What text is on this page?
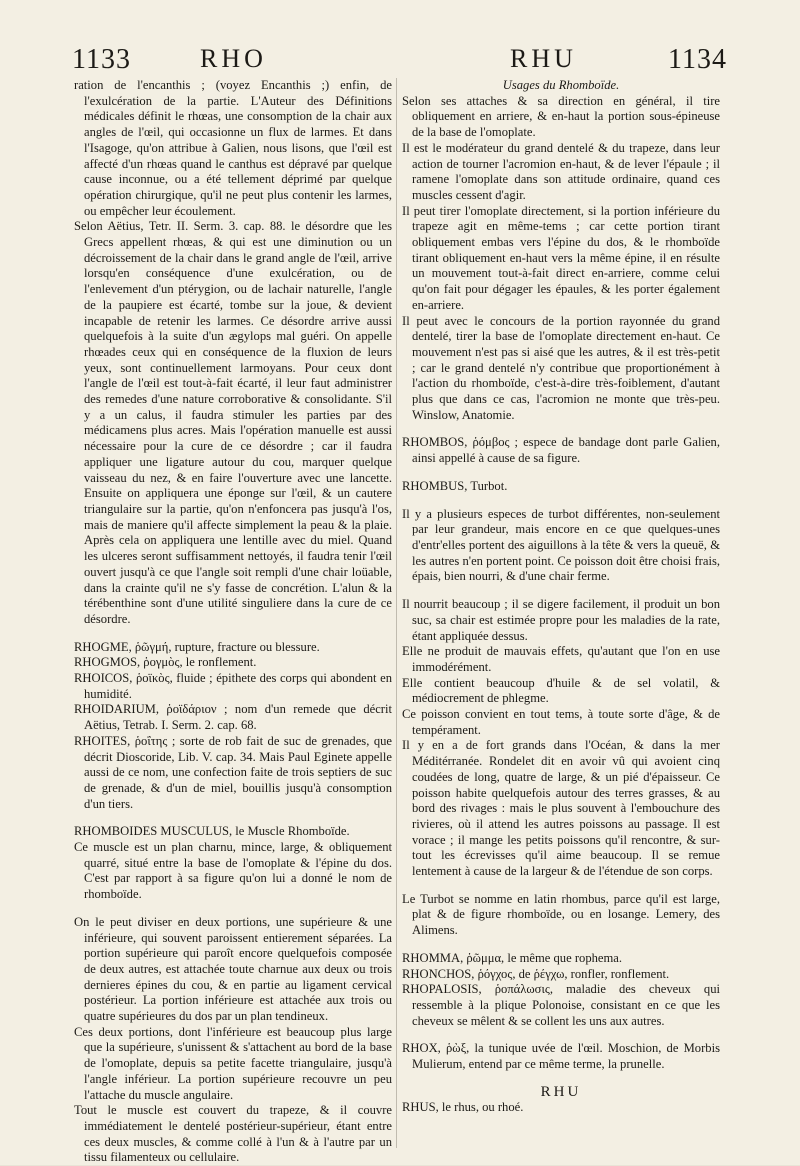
1133	RHO	RHU	1134

ration de l'encanthis ; (voyez Encanthis ;) enfin, de l'exulcération de la partie. L'Auteur des Définitions médicales définit le rhœas, une consomption de la chair aux angles de l'œil, qui occasionne un flux de larmes. Et dans l'Isagoge, qu'on attribue à Galien, nous lisons, que l'œil est affecté d'un rhœas quand le canthus est dépravé par quelque cause inconnue, ou a été tellement déprimé par quelque opération chirurgique, qu'il ne peut plus contenir les larmes, ou empêcher leur écoulement.

Selon Aëtius, Tetr. II. Serm. 3. cap. 88. le désordre que les Grecs appellent rhœas, & qui est une diminution ou un décroissement de la chair dans le grand angle de l'œil, arrive lorsqu'en conséquence d'une exulcération, ou de l'enlevement d'un ptérygion, ou de lachair naturelle, l'angle de la paupiere est écarté, tombe sur la joue, & devient incapable de retenir les larmes. Ce désordre arrive aussi quelquefois à la suite d'un ægylops mal guéri. On appelle rhœades ceux qui en conséquence de la fluxion de leurs yeux, sont continuellement larmoyans. Pour ceux dont l'angle de l'œil est tout-à-fait écarté, il leur faut administrer des remedes d'une nature corroborative & consolidante. S'il y a un calus, il faudra stimuler les parties par des médicamens plus acres. Mais l'opération manuelle est aussi nécessaire pour la cure de ce désordre ; car il faudra appliquer une ligature autour du cou, marquer quelque vaisseau du nez, & en faire l'ouverture avec une lancette. Ensuite on appliquera une éponge sur l'œil, & un cautere triangulaire sur la partie, qu'on n'enfoncera pas jusqu'à l'os, mais de maniere qu'il affecte simplement la peau & la plaie. Après cela on appliquera une lentille avec du miel. Quand les ulceres seront suffisamment nettoyés, il faudra tenir l'œil ouvert jusqu'à ce que l'angle soit rempli d'une chair loüable, dans la crainte qu'il ne s'y fasse de concrétion. L'alun & la térébenthine sont d'une utilité singuliere dans la cure de ce désordre.

RHOGME, ῥῶγμή, rupture, fracture ou blessure.

RHOGMOS, ῥογμὸς, le ronflement.

RHOICOS, ῥοϊκὸς, fluide ; épithete des corps qui abondent en humidité.

RHOIDARIUM, ῥοϊδάριον ; nom d'un remede que décrit Aëtius, Tetrab. I. Serm. 2. cap. 68.

RHOITES, ῥοΐτης ; sorte de rob fait de suc de grenades, que décrit Dioscoride, Lib. V. cap. 34. Mais Paul Eginete appelle aussi de ce nom, une confection faite de trois septiers de suc de grenade, & d'un de miel, bouillis jusqu'à consomption d'un tiers.

RHOMBOIDES MUSCULUS, le Muscle Rhomboïde.

Ce muscle est un plan charnu, mince, large, & obliquement quarré, situé entre la base de l'omoplate & l'épine du dos. C'est par rapport à sa figure qu'on lui a donné le nom de rhomboïde.

On le peut diviser en deux portions, une supérieure & une inférieure, qui souvent paroissent entierement séparées. La portion supérieure qui paroît encore quelquefois composée de deux autres, est attachée toute charnue aux deux ou trois dernieres épines du cou, & en partie au ligament cervical postérieur. La portion inférieure est attachée aux trois ou quatre supérieures du dos par un plan tendineux.

Ces deux portions, dont l'inférieure est beaucoup plus large que la supérieure, s'unissent & s'attachent au bord de la base de l'omoplate, depuis sa petite facette triangulaire, jusqu'à l'angle inférieur. La portion supérieure recouvre un peu l'attache du muscle angulaire.

Tout le muscle est couvert du trapeze, & il couvre immédiatement le dentelé postérieur-supérieur, étant entre ces deux muscles, & comme collé à l'un & à l'autre par un tissu filamenteux ou cellulaire.

Usages du Rhomboïde.

Selon ses attaches & sa direction en général, il tire obliquement en arriere, & en-haut la portion sous-épineuse de la base de l'omoplate.

Il est le modérateur du grand dentelé & du trapeze, dans leur action de tourner l'acromion en-haut, & de lever l'épaule ; il ramene l'omoplate dans son attitude ordinaire, quand ces muscles cessent d'agir.

Il peut tirer l'omoplate directement, si la portion inférieure du trapeze agit en même-tems ; car cette portion tirant obliquement embas vers l'épine du dos, & le rhomboïde tirant obliquement en-haut vers la même épine, il en résulte un mouvement tout-à-fait direct en-arriere, comme celui qu'on fait pour dégager les épaules, & les porter également en-arriere.

Il peut avec le concours de la portion rayonnée du grand dentelé, tirer la base de l'omoplate directement en-haut. Ce mouvement n'est pas si aisé que les autres, & il est très-petit ; car le grand dentelé n'y contribue que proportionément à l'action du rhomboïde, c'est-à-dire très-foiblement, d'autant plus que dans ce cas, l'acromion ne monte que très-peu. Winslow, Anatomie.

RHOMBOS, ῥόμβος ; espece de bandage dont parle Galien, ainsi appellé à cause de sa figure.

RHOMBUS, Turbot.

Il y a plusieurs especes de turbot différentes, non-seulement par leur grandeur, mais encore en ce que quelques-unes d'entr'elles portent des aiguillons à la tête & vers la queuë, & les autres n'en portent point. Ce poisson doit être choisi frais, épais, bien nourri, & d'une chair ferme.

Il nourrit beaucoup ; il se digere facilement, il produit un bon suc, sa chair est estimée propre pour les maladies de la rate, étant appliquée dessus.

Elle ne produit de mauvais effets, qu'autant que l'on en use immodérément.

Elle contient beaucoup d'huile & de sel volatil, & médiocrement de phlegme.

Ce poisson convient en tout tems, à toute sorte d'âge, & de tempérament.

Il y en a de fort grands dans l'Océan, & dans la mer Méditérranée. Rondelet dit en avoir vû qui avoient cinq coudées de long, quatre de large, & un pié d'épaisseur. Ce poisson habite quelquefois autour des terres grasses, & au bord des rivages : mais le plus souvent à l'embouchure des rivieres, où il attend les autres poissons au passage. Il est vorace ; il mange les petits poissons qu'il rencontre, & sur-tout les écrevisses qu'il aime beaucoup. Il se remue lentement à cause de la largeur & de l'étendue de son corps.

Le Turbot se nomme en latin rhombus, parce qu'il est large, plat & de figure rhomboïde, ou en losange. Lemery, des Alimens.

RHOMMA, ῥῶμμα, le même que rophema.

RHONCHOS, ῥόγχος, de ῥέγχω, ronfler, ronflement.

RHOPALOSIS, ῥοπάλωσις, maladie des cheveux qui ressemble à la plique Polonoise, consistant en ce que les cheveux se mêlent & se collent les uns aux autres.

RHOX, ῥὼξ, la tunique uvée de l'œil. Moschion, de Morbis Mulierum, entend par ce même terme, la prunelle.

RHU

RHUS, le rhus, ou rhoé.
